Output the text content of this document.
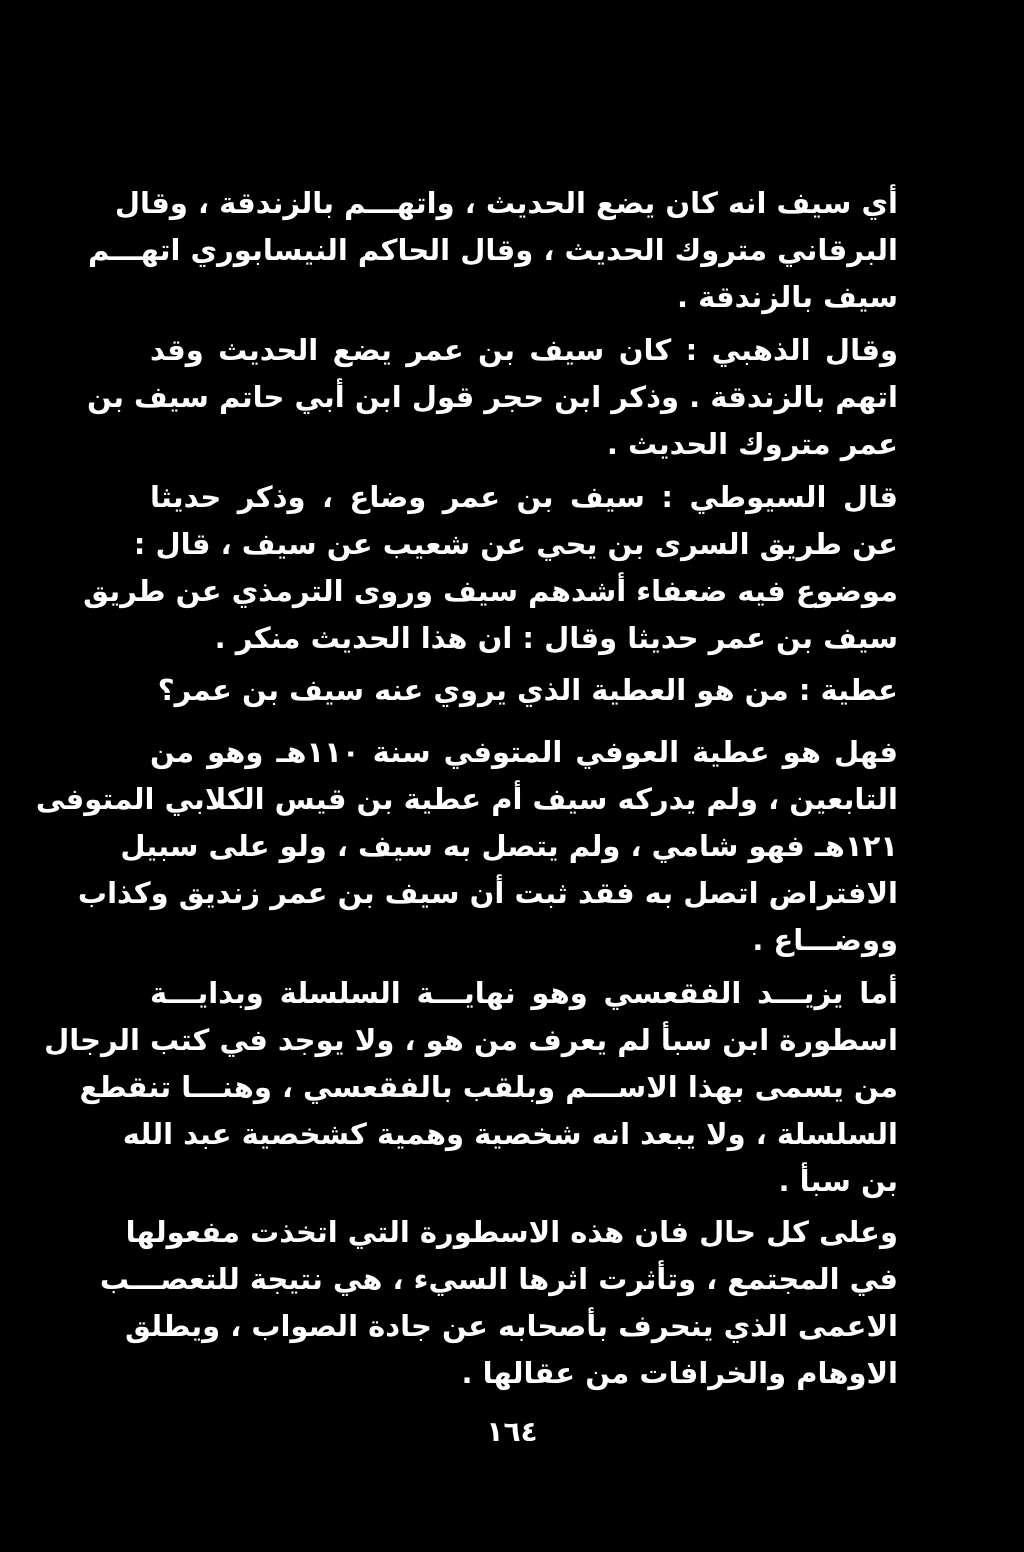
أي سيف انه كان يضع الحديث ، واتهـــم بالزندقة ، وقال
البرقاني متروك الحديث ، وقال الحاكم النيسابوري اتهـــم
سيف بالزندقة .
وقال الذهبي : كان سيف بن عمر يضع الحديث وقد
اتهم بالزندقة . وذكر ابن حجر قول ابن أبي حاتم سيف بن
عمر متروك الحديث .
قال السيوطي : سيف بن عمر وضاع ، وذكر حديثا
عن طريق السرى بن يحي عن شعيب عن سيف ، قال :
موضوع فيه ضعفاء أشدهم سيف وروى الترمذي عن طريق
سيف بن عمر حديثا وقال : ان هذا الحديث منكر .
عطية : من هو العطية الذي يروي عنه سيف بن عمر؟
فهل هو عطية العوفي المتوفي سنة ١١٠هـ وهو من
التابعين ، ولم يدركه سيف أم عطية بن قيس الكلابي المتوفى
١٢١هـ فهو شامي ، ولم يتصل به سيف ، ولو على سبيل
الافتراض اتصل به فقد ثبت أن سيف بن عمر زنديق وكذاب
ووضـــاع .
أما يزيـــد الفقعسي وهو نهايـــة السلسلة وبدايـــة
اسطورة ابن سبأ لم يعرف من هو ، ولا يوجد في كتب الرجال
من يسمى بهذا الاســـم وبلقب بالفقعسي ، وهنـــا تنقطع
السلسلة ، ولا يبعد انه شخصية وهمية كشخصية عبد الله
بن سبأ .
وعلى كل حال فان هذه الاسطورة التي اتخذت مفعولها
في المجتمع ، وتأثرت اثرها السيء ، هي نتيجة للتعصـــب
الاعمى الذي ينحرف بأصحابه عن جادة الصواب ، ويطلق
الاوهام والخرافات من عقالها .
١٦٤
